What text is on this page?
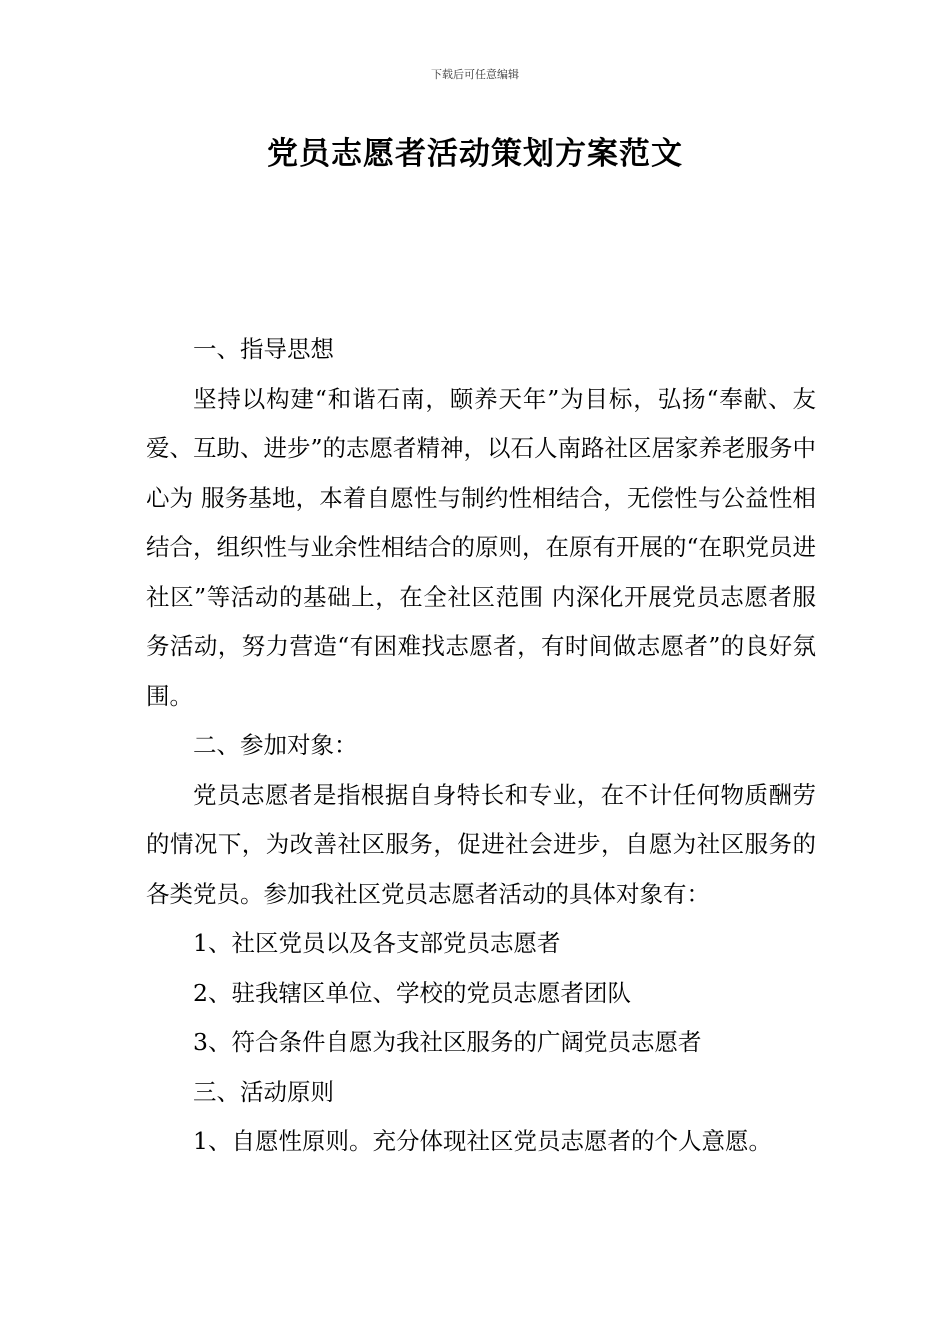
下载后可任意编辑
党员志愿者活动策划方案范文

一、指导思想

坚持以构建“和谐石南，颐养天年”为目标，弘扬“奉献、友爱、互助、进步”的志愿者精神，以石人南路社区居家养老服务中心为 服务基地，本着自愿性与制约性相结合，无偿性与公益性相结合，组织性与业余性相结合的原则，在原有开展的“在职党员进社区”等活动的基础上，在全社区范围 内深化开展党员志愿者服务活动，努力营造“有困难找志愿者，有时间做志愿者”的良好氛围。

二、参加对象：

党员志愿者是指根据自身特长和专业，在不计任何物质酬劳的情况下，为改善社区服务，促进社会进步，自愿为社区服务的各类党员。参加我社区党员志愿者活动的具体对象有：

1、社区党员以及各支部党员志愿者

2、驻我辖区单位、学校的党员志愿者团队

3、符合条件自愿为我社区服务的广阔党员志愿者

三、活动原则

1、自愿性原则。充分体现社区党员志愿者的个人意愿。
